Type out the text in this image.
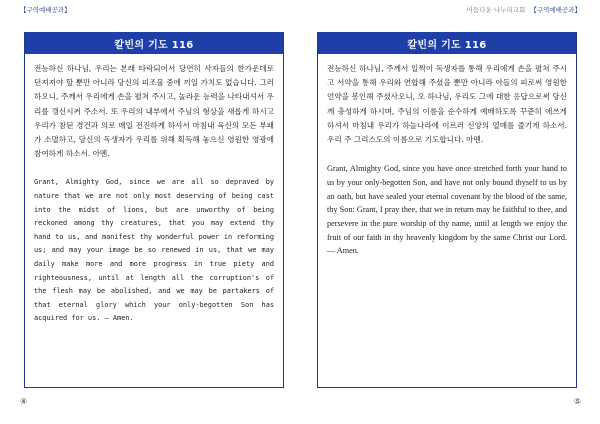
【구역예배공과】
칼빈의 기도 116

전능하신 하나님, 우리는 본래 타락되어서 당연히 사자들의 한가운데로 던져져야 할 뿐만 아니라 당신의 피조물 중에 끼일 가치도 없습니다. 그러하오니, 주께서 우리에게 손을 펼쳐 주시고, 놀라운 능력을 나타내셔서 우리를 갱신시켜 주소서. 또 우리의 내부에서 주님의 형상을 새롭게 하시고 우리가 참된 경건과 의로 매일 전진하게 하셔서 마침내 육신의 모든 부패가 소멸하고, 당신의 독생자가 우리를 위해 획득해 놓으신 영원한 영광에 참여하게 하소서. 아멘.

Grant, Almighty God, since we are all so depraved by nature that we are not only most deserving of being cast into the midst of lions, but are unworthy of being reckoned among thy creatures, that you may extend thy hand to us, and manifest thy wonderful power in reforming us; and may your image be so renewed in us, that we may daily make more and more progress in true piety and righteousness, until at length all the corruption's of the flesh may be abolished, and we may be partakers of that eternal glory which your only-begotten Son has acquired for us. — Amen.

④
어둠다운 나누리교회 【구역예배공과】
칼빈의 기도 116

전능하신 하나님, 주께서 일찍이 독생자를 통해 우리에게 손을 펼쳐 주시고 서약을 통해 우리와 연합해 주셨을 뿐만 아니라 아들의 피로써 영원한 언약을 봉인해 주셨사오니, 오 하나님, 우리도 그에 대한 응답으로써 당신께 충성하게 하시며, 주님의 이름을 순수하게 예배하도록 꾸준히 애쓰게 하셔서 마침내 우리가 하늘나라에 이르러 신앙의 열매를 즐기게 하소서. 우리 주 그리스도의 이름으로 기도합니다. 아멘.

Grant, Almighty God, since you have once stretched forth your hand to us by your only-begotten Son, and have not only bound thyself to us by an oath, but have sealed your eternal covenant by the blood of the same, thy Son: Grant, I pray thee, that we in return may be faithful to thee, and persevere in the pure worship of thy name, until at length we enjoy the fruit of our faith in thy heavenly kingdom by the same Christ our Lord. — Amen.

⑤
